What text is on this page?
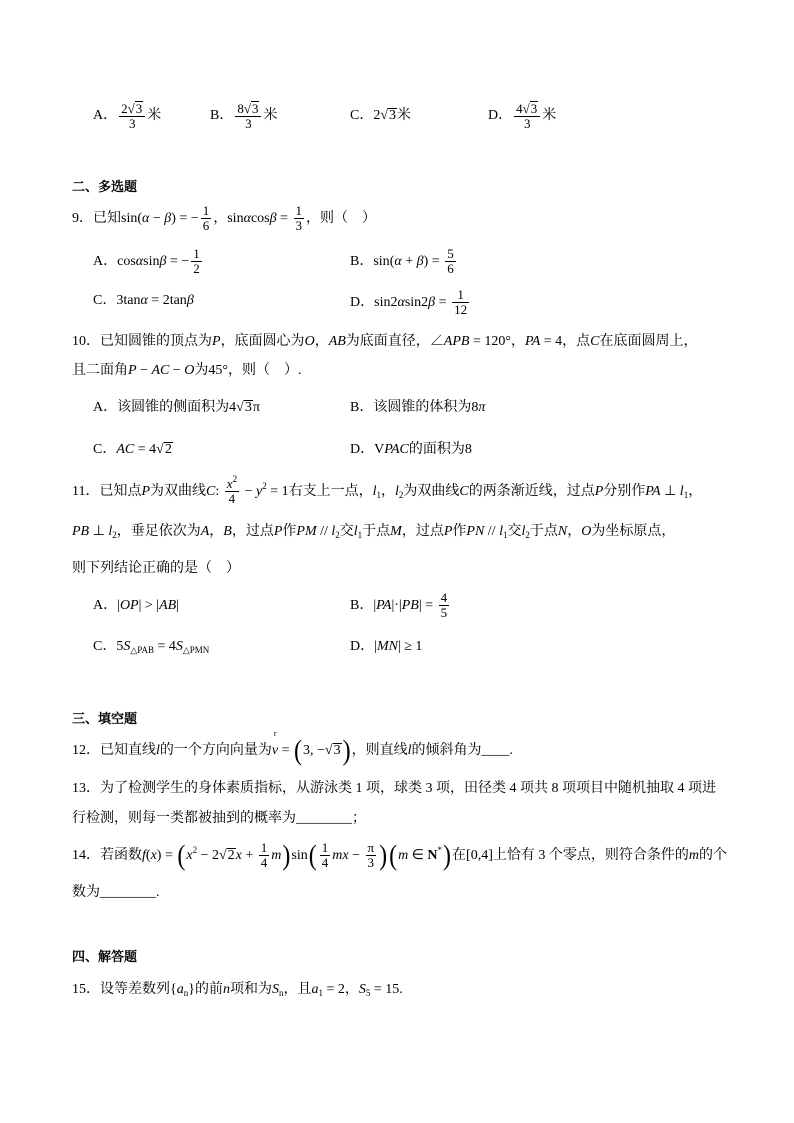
A． $\frac{2√3}{3}$ 米	B． $\frac{8√3}{3}$ 米	C．2√3米	D． $\frac{4√3}{3}$ 米
二、多选题
9．已知sin(α − β) = − $\frac{1}{6}$ ，$\sin\alpha\cos\beta = \frac{1}{3}$ ，则（　）
A．cosαsinβ = − $\frac{1}{2}$	B．$\sin(\alpha + \beta) = \frac{5}{6}$
C．3tanα = 2tanβ	D．$\sin 2\alpha\sin 2\beta = \frac{1}{12}$
10．已知圆锥的顶点为P，底面圆心为O，AB为底面直径，∠APB = 120°，PA = 4，点C在底面圆周上，
且二面角P − AC − O为45°，则（　）.
A．该圆锥的侧面积为4√3π	B．该圆锥的体积为8π
C．AC = 4√2	D．VPAC的面积为8
11．已知点P为双曲线C: $\frac{x^2}{4} - y^2 = 1$右支上一点，$l_1$，$l_2$为双曲线C的两条渐近线，过点P分别作PA ⊥ $l_1$，
PB ⊥ $l_2$，垂足依次为A，B，过点P作PM // $l_2$交$l_1$于点M，过点P作PN // $l_1$交$l_2$于点N，O为坐标原点，
则下列结论正确的是（　）
A．|OP| > |AB|	B．$|PA|\cdot|PB| = \frac{4}{5}$
C．$5S_{\triangle PAB} = 4S_{\triangle PMN}$	D．|MN| ≥ 1
三、填空题
12．已知直线l的一个方向向量为
r
v = (3, −√3)，则直线l的倾斜角为____.
13．为了检测学生的身体素质指标，从游泳类 1 项，球类 3 项，田径类 4 项共 8 项项目中随机抽取 4 项进
行检测，则每一类都被抽到的概率为________；
14．若函数$f(x) = (x^2 - 2√2x + \frac{1}{4} m)\sin( \frac{1}{4}$ mx − $\frac{\pi}{3} )(m$ ∈ N*)在[0,4]上恰有 3 个零点，则符合条件的m的个
数为________.
四、解答题
15．设等差数列$\{a_n\}$的前n项和为$S_n$，且$a_1 = 2$，$S_5 = 15$.
